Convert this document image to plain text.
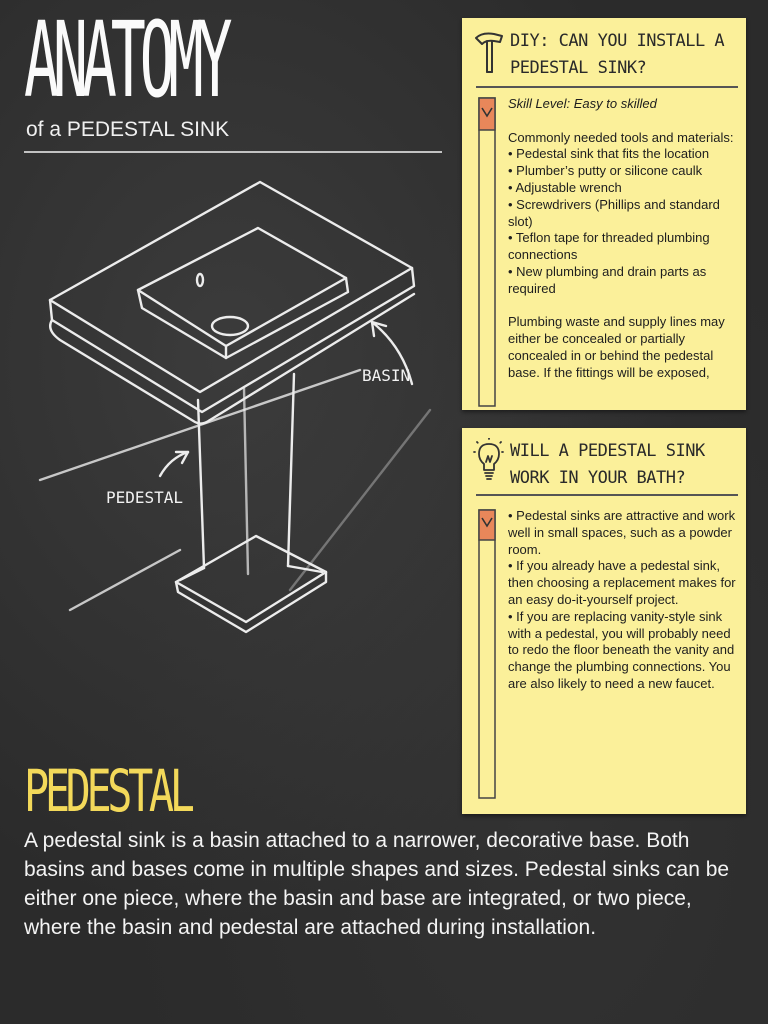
ANATOMY
of a PEDESTAL SINK
BASIN
PEDESTAL
PEDESTAL
A pedestal sink is a basin attached to a narrower, decorative base. Both basins and bases come in multiple shapes and sizes. Pedestal sinks can be either one piece, where the basin and base are integrated, or two piece, where the basin and pedestal are attached during installation.
DIY: CAN YOU INSTALL A
PEDESTAL SINK?

Skill Level: Easy to skilled

Commonly needed tools and materials:

• Pedestal sink that fits the location

• Plumber’s putty or silicone caulk

• Adjustable wrench

• Screwdrivers (Phillips and standard slot)

• Teflon tape for threaded plumbing connections

• New plumbing and drain parts as required

Plumbing waste and supply lines may either be concealed or partially concealed in or behind the pedestal base. If the fittings will be exposed,

WILL A PEDESTAL SINK
WORK IN YOUR BATH?

• Pedestal sinks are attractive and work well in small spaces, such as a powder room.

• If you already have a pedestal sink, then choosing a replacement makes for an easy do-it-yourself project.

• If you are replacing vanity-style sink with a pedestal, you will probably need to redo the floor beneath the vanity and change the plumbing connections. You are also likely to need a new faucet.
